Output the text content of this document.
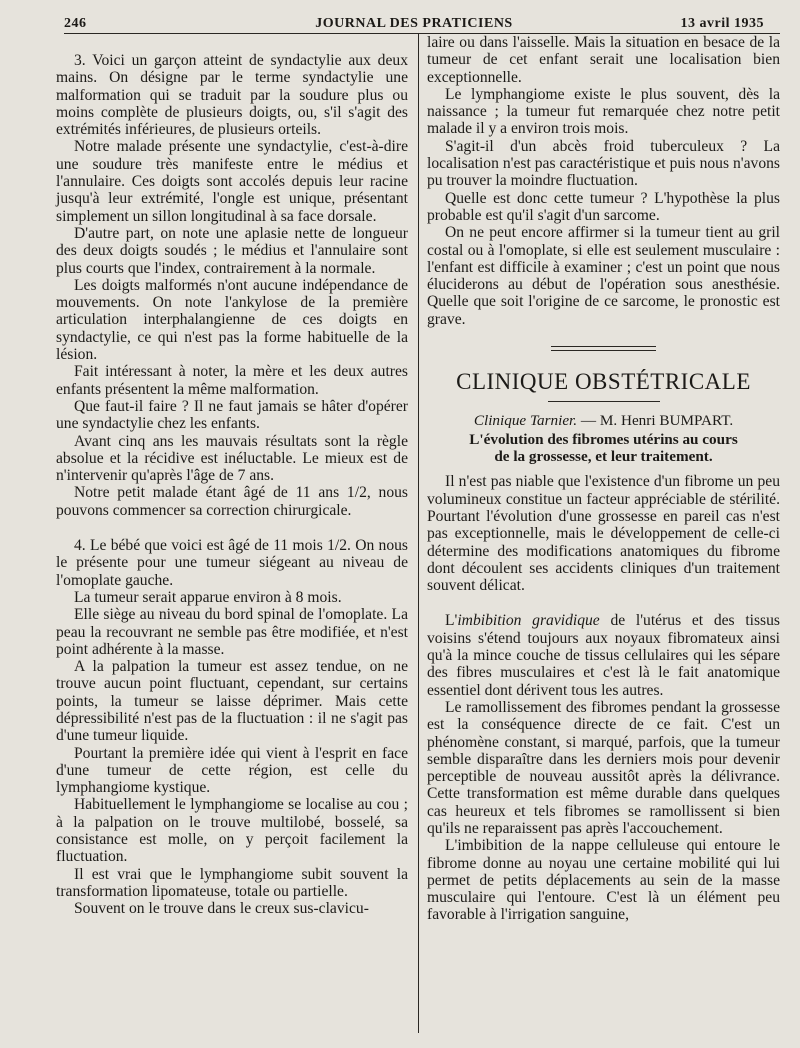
246	JOURNAL DES PRATICIENS	13 avril 1935

3. Voici un garçon atteint de syndactylie aux deux mains. On désigne par le terme syndactylie une malformation qui se traduit par la soudure plus ou moins complète de plusieurs doigts, ou, s'il s'agit des extrémités inférieures, de plusieurs orteils.

Notre malade présente une syndactylie, c'est-à-dire une soudure très manifeste entre le médius et l'annulaire. Ces doigts sont accolés depuis leur racine jusqu'à leur extrémité, l'ongle est unique, présentant simplement un sillon longitudinal à sa face dorsale.

D'autre part, on note une aplasie nette de longueur des deux doigts soudés ; le médius et l'annulaire sont plus courts que l'index, contrairement à la normale.

Les doigts malformés n'ont aucune indépendance de mouvements. On note l'ankylose de la première articulation interphalangienne de ces doigts en syndactylie, ce qui n'est pas la forme habituelle de la lésion.

Fait intéressant à noter, la mère et les deux autres enfants présentent la même malformation.

Que faut-il faire ? Il ne faut jamais se hâter d'opérer une syndactylie chez les enfants.

Avant cinq ans les mauvais résultats sont la règle absolue et la récidive est inéluctable. Le mieux est de n'intervenir qu'après l'âge de 7 ans.

Notre petit malade étant âgé de 11 ans 1/2, nous pouvons commencer sa correction chirurgicale.

4. Le bébé que voici est âgé de 11 mois 1/2. On nous le présente pour une tumeur siégeant au niveau de l'omoplate gauche.

La tumeur serait apparue environ à 8 mois.

Elle siège au niveau du bord spinal de l'omoplate. La peau la recouvrant ne semble pas être modifiée, et n'est point adhérente à la masse.

A la palpation la tumeur est assez tendue, on ne trouve aucun point fluctuant, cependant, sur certains points, la tumeur se laisse déprimer. Mais cette dépressibilité n'est pas de la fluctuation : il ne s'agit pas d'une tumeur liquide.

Pourtant la première idée qui vient à l'esprit en face d'une tumeur de cette région, est celle du lymphangiome kystique.

Habituellement le lymphangiome se localise au cou ; à la palpation on le trouve multilobé, bosselé, sa consistance est molle, on y perçoit facilement la fluctuation.

Il est vrai que le lymphangiome subit souvent la transformation lipomateuse, totale ou partielle.

Souvent on le trouve dans le creux sus-clavicu-

laire ou dans l'aisselle. Mais la situation en besace de la tumeur de cet enfant serait une localisation bien exceptionnelle.

Le lymphangiome existe le plus souvent, dès la naissance ; la tumeur fut remarquée chez notre petit malade il y a environ trois mois.

S'agit-il d'un abcès froid tuberculeux ? La localisation n'est pas caractéristique et puis nous n'avons pu trouver la moindre fluctuation.

Quelle est donc cette tumeur ? L'hypothèse la plus probable est qu'il s'agit d'un sarcome.

On ne peut encore affirmer si la tumeur tient au gril costal ou à l'omoplate, si elle est seulement musculaire : l'enfant est difficile à examiner ; c'est un point que nous éluciderons au début de l'opération sous anesthésie. Quelle que soit l'origine de ce sarcome, le pronostic est grave.

CLINIQUE OBSTÉTRICALE
Clinique Tarnier. — M. Henri BUMPART.
L'évolution des fibromes utérins au cours
de la grossesse, et leur traitement.

Il n'est pas niable que l'existence d'un fibrome un peu volumineux constitue un facteur appréciable de stérilité. Pourtant l'évolution d'une grossesse en pareil cas n'est pas exceptionnelle, mais le développement de celle-ci détermine des modifications anatomiques du fibrome dont découlent ses accidents cliniques d'un traitement souvent délicat.

L'imbibition gravidique de l'utérus et des tissus voisins s'étend toujours aux noyaux fibromateux ainsi qu'à la mince couche de tissus cellulaires qui les sépare des fibres musculaires et c'est là le fait anatomique essentiel dont dérivent tous les autres.

Le ramollissement des fibromes pendant la grossesse est la conséquence directe de ce fait. C'est un phénomène constant, si marqué, parfois, que la tumeur semble disparaître dans les derniers mois pour devenir perceptible de nouveau aussitôt après la délivrance. Cette transformation est même durable dans quelques cas heureux et tels fibromes se ramollissent si bien qu'ils ne reparaissent pas après l'accouchement.

L'imbibition de la nappe celluleuse qui entoure le fibrome donne au noyau une certaine mobilité qui lui permet de petits déplacements au sein de la masse musculaire qui l'entoure. C'est là un élément peu favorable à l'irrigation sanguine,
